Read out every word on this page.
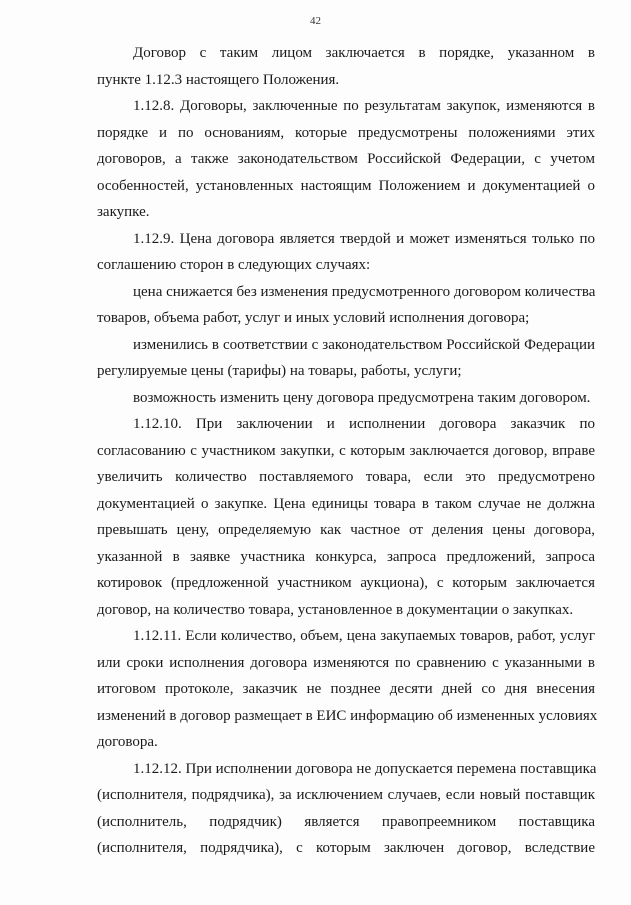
42
Договор с таким лицом заключается в порядке, указанном в
пункте 1.12.3 настоящего Положения.
1.12.8. Договоры, заключенные по результатам закупок, изменяются в
порядке и по основаниям, которые предусмотрены положениями этих
договоров, а также законодательством Российской Федерации, с учетом
особенностей, установленных настоящим Положением и документацией о
закупке.
1.12.9. Цена договора является твердой и может изменяться только по
соглашению сторон в следующих случаях:
цена снижается без изменения предусмотренного договором количества
товаров, объема работ, услуг и иных условий исполнения договора;
изменились в соответствии с законодательством Российской Федерации
регулируемые цены (тарифы) на товары, работы, услуги;
возможность изменить цену договора предусмотрена таким договором.
1.12.10. При заключении и исполнении договора заказчик по
согласованию с участником закупки, с которым заключается договор, вправе
увеличить количество поставляемого товара, если это предусмотрено
документацией о закупке. Цена единицы товара в таком случае не должна
превышать цену, определяемую как частное от деления цены договора,
указанной в заявке участника конкурса, запроса предложений, запроса
котировок (предложенной участником аукциона), с которым заключается
договор, на количество товара, установленное в документации о закупках.
1.12.11. Если количество, объем, цена закупаемых товаров, работ, услуг
или сроки исполнения договора изменяются по сравнению с указанными в
итоговом протоколе, заказчик не позднее десяти дней со дня внесения
изменений в договор размещает в ЕИС информацию об измененных условиях
договора.
1.12.12. При исполнении договора не допускается перемена поставщика
(исполнителя, подрядчика), за исключением случаев, если новый поставщик
(исполнитель, подрядчик) является правопреемником поставщика
(исполнителя, подрядчика), с которым заключен договор, вследствие
